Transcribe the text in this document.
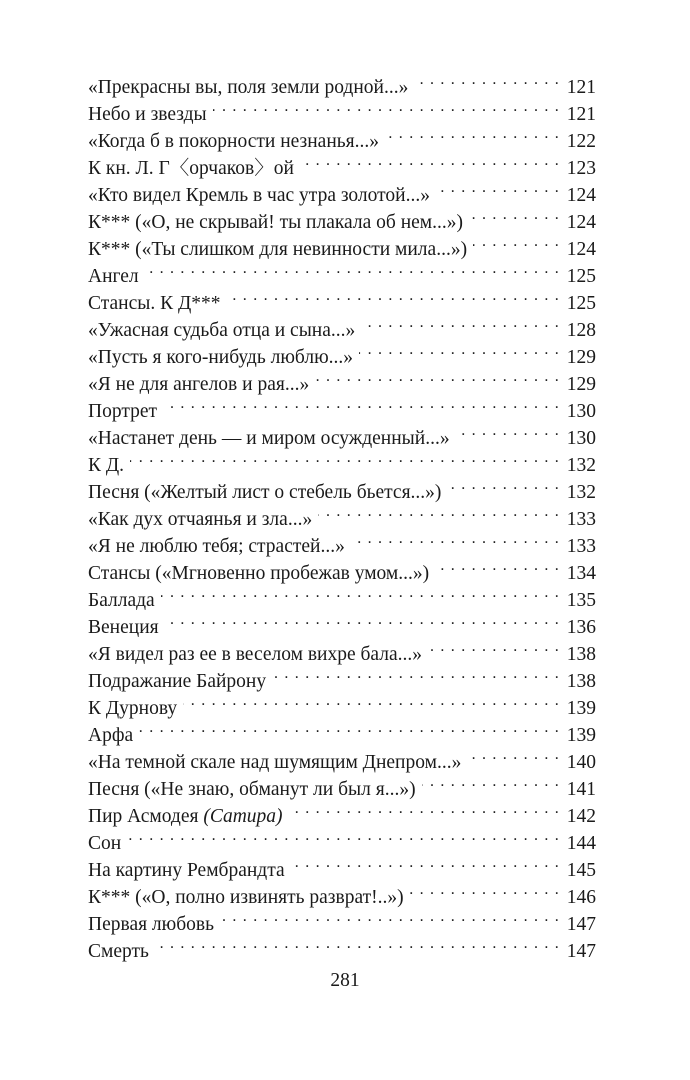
«Прекрасны вы, поля земли родной...» . . .	121
Небо и звезды . . .	121
«Когда б в покорности незнанья...» . . .	122
К кн. Л. Г〈орчаков〉ой . . .	123
«Кто видел Кремль в час утра золотой...» . . .	124
К*** («О, не скрывай! ты плакала об нем...») . . .	124
К*** («Ты слишком для невинности мила...») . . .	124
Ангел . . .	125
Стансы. К Д*** . . .	125
«Ужасная судьба отца и сына...» . . .	128
«Пусть я кого-нибудь люблю...» . . .	129
«Я не для ангелов и рая...» . . .	129
Портрет . . .	130
«Настанет день — и миром осужденный...» . . .	130
К Д. . . .	132
Песня («Желтый лист о стебель бьется...») . . .	132
«Как дух отчаянья и зла...» . . .	133
«Я не люблю тебя; страстей...» . . .	133
Стансы («Мгновенно пробежав умом...») . . .	134
Баллада . . .	135
Венеция . . .	136
«Я видел раз ее в веселом вихре бала...» . . .	138
Подражание Байрону . . .	138
К Дурнову . . .	139
Арфа . . .	139
«На темной скале над шумящим Днепром...» . . .	140
Песня («Не знаю, обманут ли был я...») . . .	141
Пир Асмодея (Сатира) . . .	142
Сон . . .	144
На картину Рембрандта . . .	145
К*** («О, полно извинять разврат!..») . . .	146
Первая любовь . . .	147
Смерть . . .	147
281
